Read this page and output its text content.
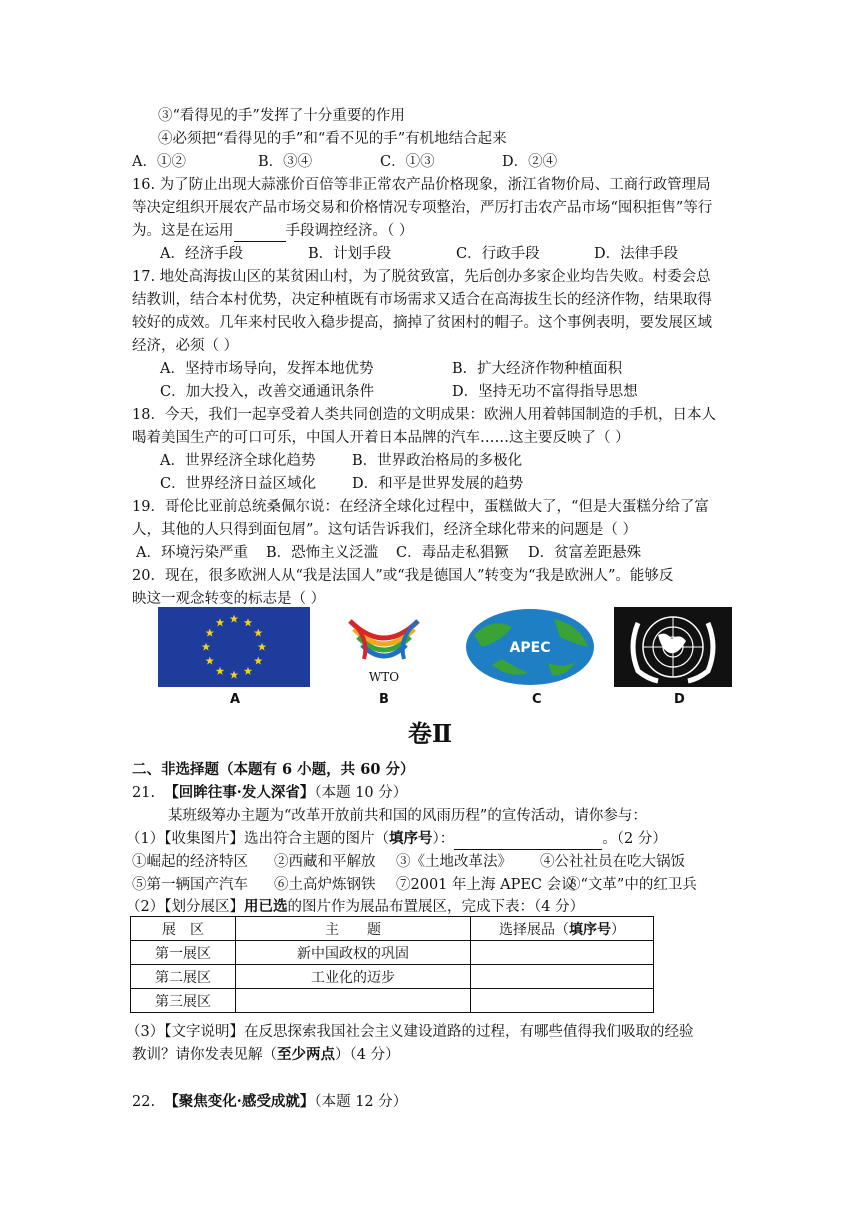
③“看得见的手”发挥了十分重要的作用
④必须把“看得见的手”和“看不见的手”有机地结合起来
A．①②	B．③④	C．①③	D．②④
16. 为了防止出现大蒜涨价百倍等非正常农产品价格现象，浙江省物价局、工商行政管理局
等决定组织开展农产品市场交易和价格情况专项整治，严厉打击农产品市场“囤积拒售”等行
为。这是在运用	手段调控经济。（ ）
A．经济手段	B．计划手段	C．行政手段	D．法律手段
17. 地处高海拔山区的某贫困山村，为了脱贫致富，先后创办多家企业均告失败。村委会总
结教训，结合本村优势，决定种植既有市场需求又适合在高海拔生长的经济作物，结果取得
较好的成效。几年来村民收入稳步提高，摘掉了贫困村的帽子。这个事例表明，要发展区域
经济，必须（ ）
A．坚持市场导向，发挥本地优势	B．扩大经济作物种植面积
C．加大投入，改善交通通讯条件	D．坚持无功不富得指导思想
18．今天，我们一起享受着人类共同创造的文明成果：欧洲人用着韩国制造的手机，日本人
喝着美国生产的可口可乐，中国人开着日本品牌的汽车……这主要反映了（ ）
A．世界经济全球化趋势	B．世界政治格局的多极化
C．世界经济日益区域化 D．和平是世界发展的趋势
19．哥伦比亚前总统桑佩尔说：在经济全球化过程中，蛋糕做大了，“但是大蛋糕分给了富
人，其他的人只得到面包屑”。这句话告诉我们，经济全球化带来的问题是（ ）
A．环境污染严重 B．恐怖主义泛滥 C．毒品走私猖獗 D．贫富差距悬殊
20．现在，很多欧洲人从“我是法国人”或“我是德国人”转变为“我是欧洲人”。能够反
映这一观念转变的标志是（ ）
WTO
APEC
A	B	C	D
卷Ⅱ
二、非选择题（本题有 6 小题，共 60 分）
21. 【回眸往事·发人深省】（本题 10 分）
某班级筹办主题为“改革开放前共和国的风雨历程”的宣传活动，请你参与：
（1）【收集图片】选出符合主题的图片（填序号）：	。（2 分）
①崛起的经济特区 ②西藏和平解放 ③《土地改革法》 ④公社社员在吃大锅饭
⑤第一辆国产汽车 ⑥土高炉炼钢铁 ⑦2001 年上海 APEC 会议
⑧“文革”中的红卫兵
（2）【划分展区】用已选的图片作为展品布置展区，完成下表：（4 分）
展　区	主　　题	选择展品（填序号）
第一展区	新中国政权的巩固	
第二展区	工业化的迈步	
第三展区		
（3）【文字说明】在反思探索我国社会主义建设道路的过程，有哪些值得我们吸取的经验
教训？请你发表见解（至少两点）（4 分）
22. 【聚焦变化·感受成就】（本题 12 分）
